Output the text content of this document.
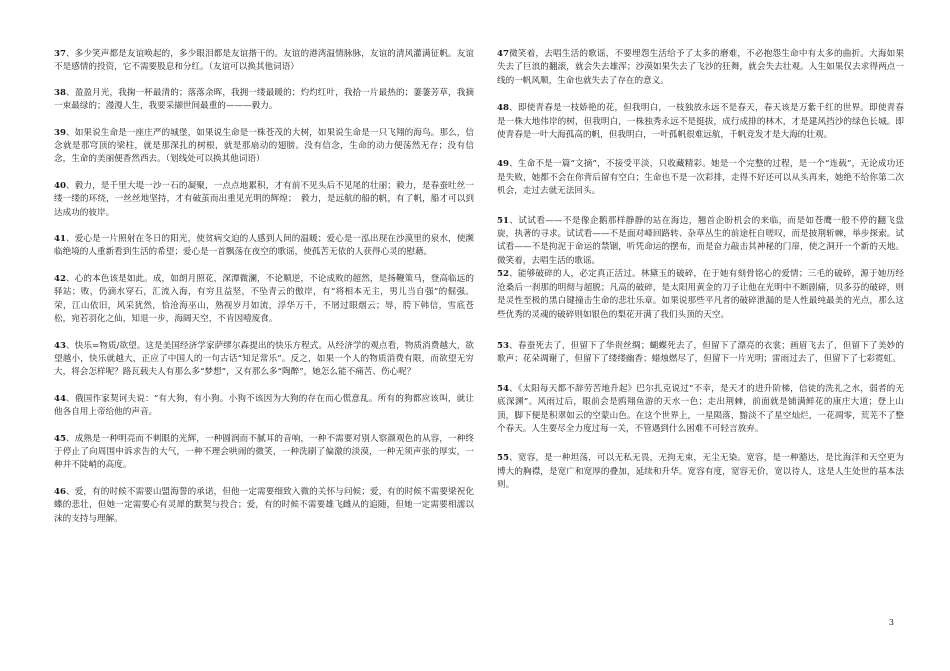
37、多少笑声都是友谊唤起的，多少眼泪都是友谊揩干的。友谊的港湾温情脉脉，友谊的清风灌满征帆。友谊不是感情的投资，它不需要股息和分红。（友谊可以换其他词语）

38、盈盈月光，我掬一杯最清的；落落余晖，我拥一缕最暖的；灼灼红叶，我拾一片最热的；萋萋芳草，我摘一束最绿的；漫漫人生，我要采撷世间最重的———毅力。

39、如果说生命是一座庄严的城堡，如果说生命是一株苍茂的大树，如果说生命是一只飞翔的海鸟。那么，信念就是那穹顶的梁柱，就是那深扎的树根，就是那扇动的翅膀。没有信念，生命的动力便荡然无存；没有信念，生命的美丽便香然西去。（划线处可以换其他词语）

40、毅力，是千里大堤一沙一石的凝聚，一点点地累积，才有前不见头后不见尾的壮丽；毅力，是春蚕吐丝一缕一缕的环绕，一丝丝地坚持，才有破茧而出重见光明的辉煌；　毅力，是远航的船的帆，有了帆，船才可以到达成功的彼岸。

41、爱心是一片照射在冬日的阳光，使贫病交迫的人感到人间的温暖；爱心是一泓出现在沙漠里的泉水，使濒临绝境的人重新看到生活的希望；爱心是一首飘荡在夜空的歌谣，使孤苦无依的人获得心灵的慰藉。

42、心的本色该是如此。成，如朗月照花，深潭微澜，不论顺逆，不论成败的超然，是扬鞭策马，登高临远的驿站；败，仍滴水穿石，汇流入海，有穷且益坚，不坠青云的傲岸，有“将相本无主，男儿当自强”的倔强。荣，江山依旧，风采犹然，恰沧海巫山，熟视岁月如流，浮华万千，不屑过眼烟云；辱，胯下韩信，雪底苍松，宛若羽化之仙，知退一步，海阔天空，不肯因噎废食。

43、快乐=物质/欲望。这是美国经济学家萨缪尔森提出的快乐方程式。从经济学的观点看，物质消费越大，欲望越小，快乐就越大，正应了中国人的一句古话“知足常乐”。反之，如果一个人的物质消费有限，而欲望无穷大，将会怎样呢？路瓦载夫人有那么多“梦想”，又有那么多“陶醉”，她怎么能不痛苦、伤心呢？

44、俄国作家契诃夫说：“有大狗，有小狗。小狗不该因为大狗的存在而心慌意乱。所有的狗都应该叫，就让他各自用上帝给他的声音。

45、成熟是一种明亮而不刺眼的光辉，一种圆润而不腻耳的音响，一种不需要对别人察颜观色的从容，一种终于停止了向周围申诉求告的大气，一种不理会哄闹的微笑，一种洗刷了偏激的淡漠，一种无须声张的厚实，一种并不陡峭的高度。

46、爱，有的时候不需要山盟海誓的承诺，但他一定需要细致入微的关怀与问候；爱，有的时候不需要梁祝化蝶的悲壮，但她一定需要心有灵犀的默契与投合；爱，有的时候不需要雄飞雌从的追随，但她一定需要相濡以沫的支持与理解。

47微笑着，去唱生活的歌谣，不要埋怨生活给予了太多的磨难，不必抱怨生命中有太多的曲折。大海如果失去了巨浪的翻滚，就会失去雄浑；沙漠如果失去了飞沙的狂舞，就会失去壮观。人生如果仅去求得两点一线的一帆风顺，生命也就失去了存在的意义。

48、即使青春是一枝娇艳的花，但我明白，一枝独放永远不是春天，春天该是万紫千红的世界。即使青春是一株大地伟岸的树，但我明白，一株独秀永远不是挺拔，成行成排的林木，才是建风挡沙的绿色长城。即使青春是一叶大海孤高的帆，但我明白，一叶孤帆很难远航，千帆竞发才是大海的壮观。

49、生命不是一篇“文摘”，不接受平淡，只收藏精彩。她是一个完整的过程，是一个“连载”，无论成功还是失败，她都不会在你背后留有空白；生命也不是一次彩排，走得不好还可以从头再来，她绝不给你第二次机会，走过去就无法回头。

51、试试看——不是像企鹅那样静静的站在海边，翘首企盼机会的来临，而是如苍鹰一般不停的翻飞盘旋，执著的寻求。试试看——不是面对峰回路转、杂草丛生的前途枉自嗟叹，而是披荆斩棘，举步探索。试试看——不是拘泥于命运的禁锢，听凭命运的摆布，而是奋力敲击其神秘的门扉，使之洞开一个新的天地。微笑着，去唱生活的歌谣。

52、能够破碎的人，必定真正活过。林黛玉的破碎，在于她有刻骨铭心的爱情；三毛的破碎，源于她历经沧桑后一刹那的明彻与超脱；凡高的破碎，是太阳用黄金的刀子让他在光明中不断剧痛，贝多芬的破碎，则是灵性至极的黑白键撞击生命的悲壮乐章。如果说那些平凡者的破碎泄漏的是人性最纯最美的光点，那么这些优秀的灵魂的破碎则如银色的梨花开满了我们头顶的天空。

53、春蚕死去了，但留下了华贵丝绸；蝴蝶死去了，但留下了漂亮的衣裳；画眉飞去了，但留下了美妙的歌声；花朵凋谢了，但留下了缕缕幽香；蜡烛燃尽了，但留下一片光明；雷雨过去了，但留下了七彩霓虹。

54、《太阳每天都不辞劳苦地升起》巴尔扎克说过“不幸，是天才的进升阶梯，信徒的洗礼之水，弱者的无底深渊”。风雨过后，眼前会是鸥翔鱼游的天水一色；走出荆棘，前面就是铺满鲜花的康庄大道；登上山顶，脚下便是积翠如云的空蒙山色。在这个世界上，一星陨落，黯淡不了星空灿烂，一花凋零，荒芜不了整个春天。人生要尽全力度过每一关，不管遇到什么困难不可轻言放弃。

55、宽容，是一种坦荡，可以无私无畏，无拘无束，无尘无染。宽容，是一种豁达，是比海洋和天空更为博大的胸襟，是宽广和宽厚的叠加，延续和升华。宽容有度，宽容无价，宽以待人，这是人生处世的基本法则。

3
